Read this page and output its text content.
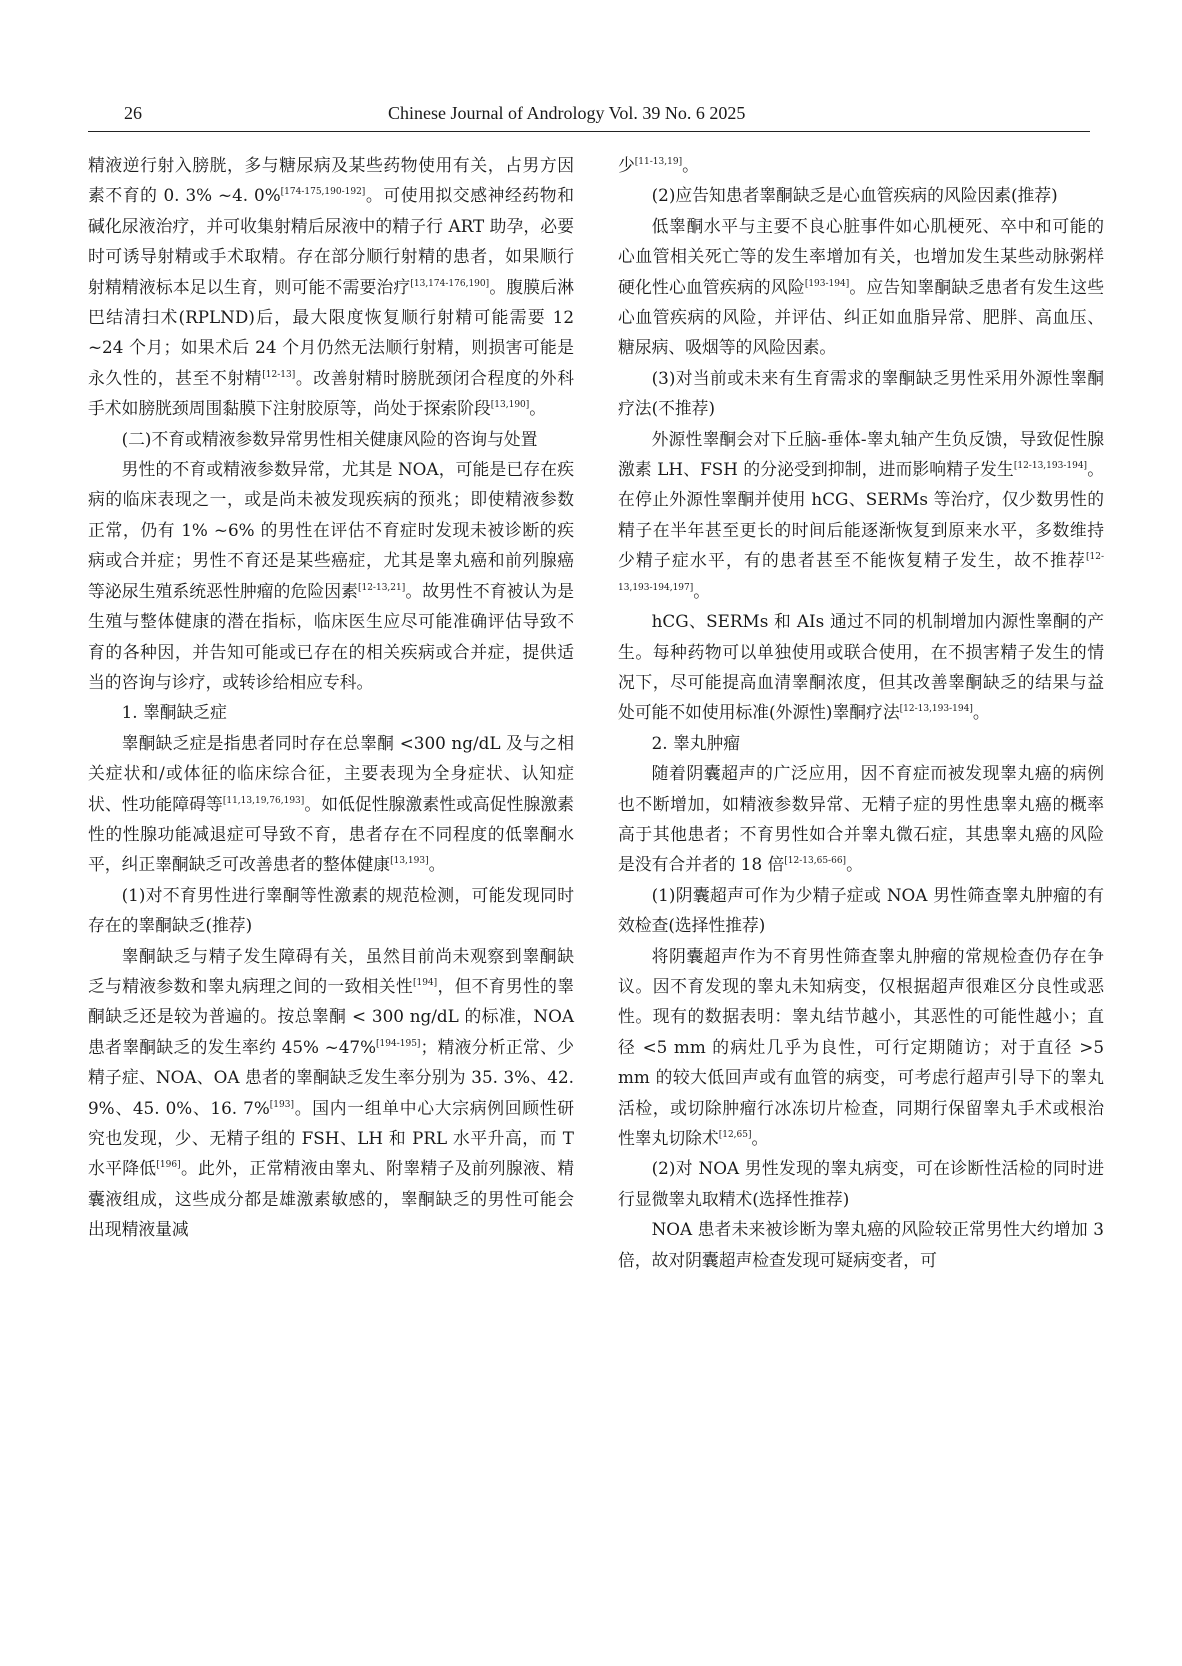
26	Chinese Journal of Andrology Vol. 39 No. 6 2025

精液逆行射入膀胱，多与糖尿病及某些药物使用有关，占男方因素不育的 0. 3% ~4. 0%[174-175,190-192]。可使用拟交感神经药物和碱化尿液治疗，并可收集射精后尿液中的精子行 ART 助孕，必要时可诱导射精或手术取精。存在部分顺行射精的患者，如果顺行射精精液标本足以生育，则可能不需要治疗[13,174-176,190]。腹膜后淋巴结清扫术(RPLND)后，最大限度恢复顺行射精可能需要 12 ~24 个月；如果术后 24 个月仍然无法顺行射精，则损害可能是永久性的，甚至不射精[12-13]。改善射精时膀胱颈闭合程度的外科手术如膀胱颈周围黏膜下注射胶原等，尚处于探索阶段[13,190]。

(二)不育或精液参数异常男性相关健康风险的咨询与处置

男性的不育或精液参数异常，尤其是 NOA，可能是已存在疾病的临床表现之一，或是尚未被发现疾病的预兆；即使精液参数正常，仍有 1% ~6% 的男性在评估不育症时发现未被诊断的疾病或合并症；男性不育还是某些癌症，尤其是睾丸癌和前列腺癌等泌尿生殖系统恶性肿瘤的危险因素[12-13,21]。故男性不育被认为是生殖与整体健康的潜在指标，临床医生应尽可能准确评估导致不育的各种因，并告知可能或已存在的相关疾病或合并症，提供适当的咨询与诊疗，或转诊给相应专科。

1. 睾酮缺乏症

睾酮缺乏症是指患者同时存在总睾酮 <300 ng/dL 及与之相关症状和/或体征的临床综合征，主要表现为全身症状、认知症状、性功能障碍等[11,13,19,76,193]。如低促性腺激素性或高促性腺激素性的性腺功能减退症可导致不育，患者存在不同程度的低睾酮水平，纠正睾酮缺乏可改善患者的整体健康[13,193]。

(1)对不育男性进行睾酮等性激素的规范检测，可能发现同时存在的睾酮缺乏(推荐)

睾酮缺乏与精子发生障碍有关，虽然目前尚未观察到睾酮缺乏与精液参数和睾丸病理之间的一致相关性[194]，但不育男性的睾酮缺乏还是较为普遍的。按总睾酮 < 300 ng/dL 的标准，NOA 患者睾酮缺乏的发生率约 45% ~47%[194-195]；精液分析正常、少精子症、NOA、OA 患者的睾酮缺乏发生率分别为 35. 3%、42. 9%、45. 0%、16. 7%[193]。国内一组单中心大宗病例回顾性研究也发现，少、无精子组的 FSH、LH 和 PRL 水平升高，而 T 水平降低[196]。此外，正常精液由睾丸、附睾精子及前列腺液、精囊液组成，这些成分都是雄激素敏感的，睾酮缺乏的男性可能会出现精液量减

少[11-13,19]。

(2)应告知患者睾酮缺乏是心血管疾病的风险因素(推荐)

低睾酮水平与主要不良心脏事件如心肌梗死、卒中和可能的心血管相关死亡等的发生率增加有关，也增加发生某些动脉粥样硬化性心血管疾病的风险[193-194]。应告知睾酮缺乏患者有发生这些心血管疾病的风险，并评估、纠正如血脂异常、肥胖、高血压、糖尿病、吸烟等的风险因素。

(3)对当前或未来有生育需求的睾酮缺乏男性采用外源性睾酮疗法(不推荐)

外源性睾酮会对下丘脑-垂体-睾丸轴产生负反馈，导致促性腺激素 LH、FSH 的分泌受到抑制，进而影响精子发生[12-13,193-194]。在停止外源性睾酮并使用 hCG、SERMs 等治疗，仅少数男性的精子在半年甚至更长的时间后能逐渐恢复到原来水平，多数维持少精子症水平，有的患者甚至不能恢复精子发生，故不推荐[12-13,193-194,197]。

hCG、SERMs 和 AIs 通过不同的机制增加内源性睾酮的产生。每种药物可以单独使用或联合使用，在不损害精子发生的情况下，尽可能提高血清睾酮浓度，但其改善睾酮缺乏的结果与益处可能不如使用标准(外源性)睾酮疗法[12-13,193-194]。

2. 睾丸肿瘤

随着阴囊超声的广泛应用，因不育症而被发现睾丸癌的病例也不断增加，如精液参数异常、无精子症的男性患睾丸癌的概率高于其他患者；不育男性如合并睾丸微石症，其患睾丸癌的风险是没有合并者的 18 倍[12-13,65-66]。

(1)阴囊超声可作为少精子症或 NOA 男性筛查睾丸肿瘤的有效检查(选择性推荐)

将阴囊超声作为不育男性筛查睾丸肿瘤的常规检查仍存在争议。因不育发现的睾丸未知病变，仅根据超声很难区分良性或恶性。现有的数据表明：睾丸结节越小，其恶性的可能性越小；直径 <5 mm 的病灶几乎为良性，可行定期随访；对于直径 >5 mm 的较大低回声或有血管的病变，可考虑行超声引导下的睾丸活检，或切除肿瘤行冰冻切片检查，同期行保留睾丸手术或根治性睾丸切除术[12,65]。

(2)对 NOA 男性发现的睾丸病变，可在诊断性活检的同时进行显微睾丸取精术(选择性推荐)

NOA 患者未来被诊断为睾丸癌的风险较正常男性大约增加 3 倍，故对阴囊超声检查发现可疑病变者，可
